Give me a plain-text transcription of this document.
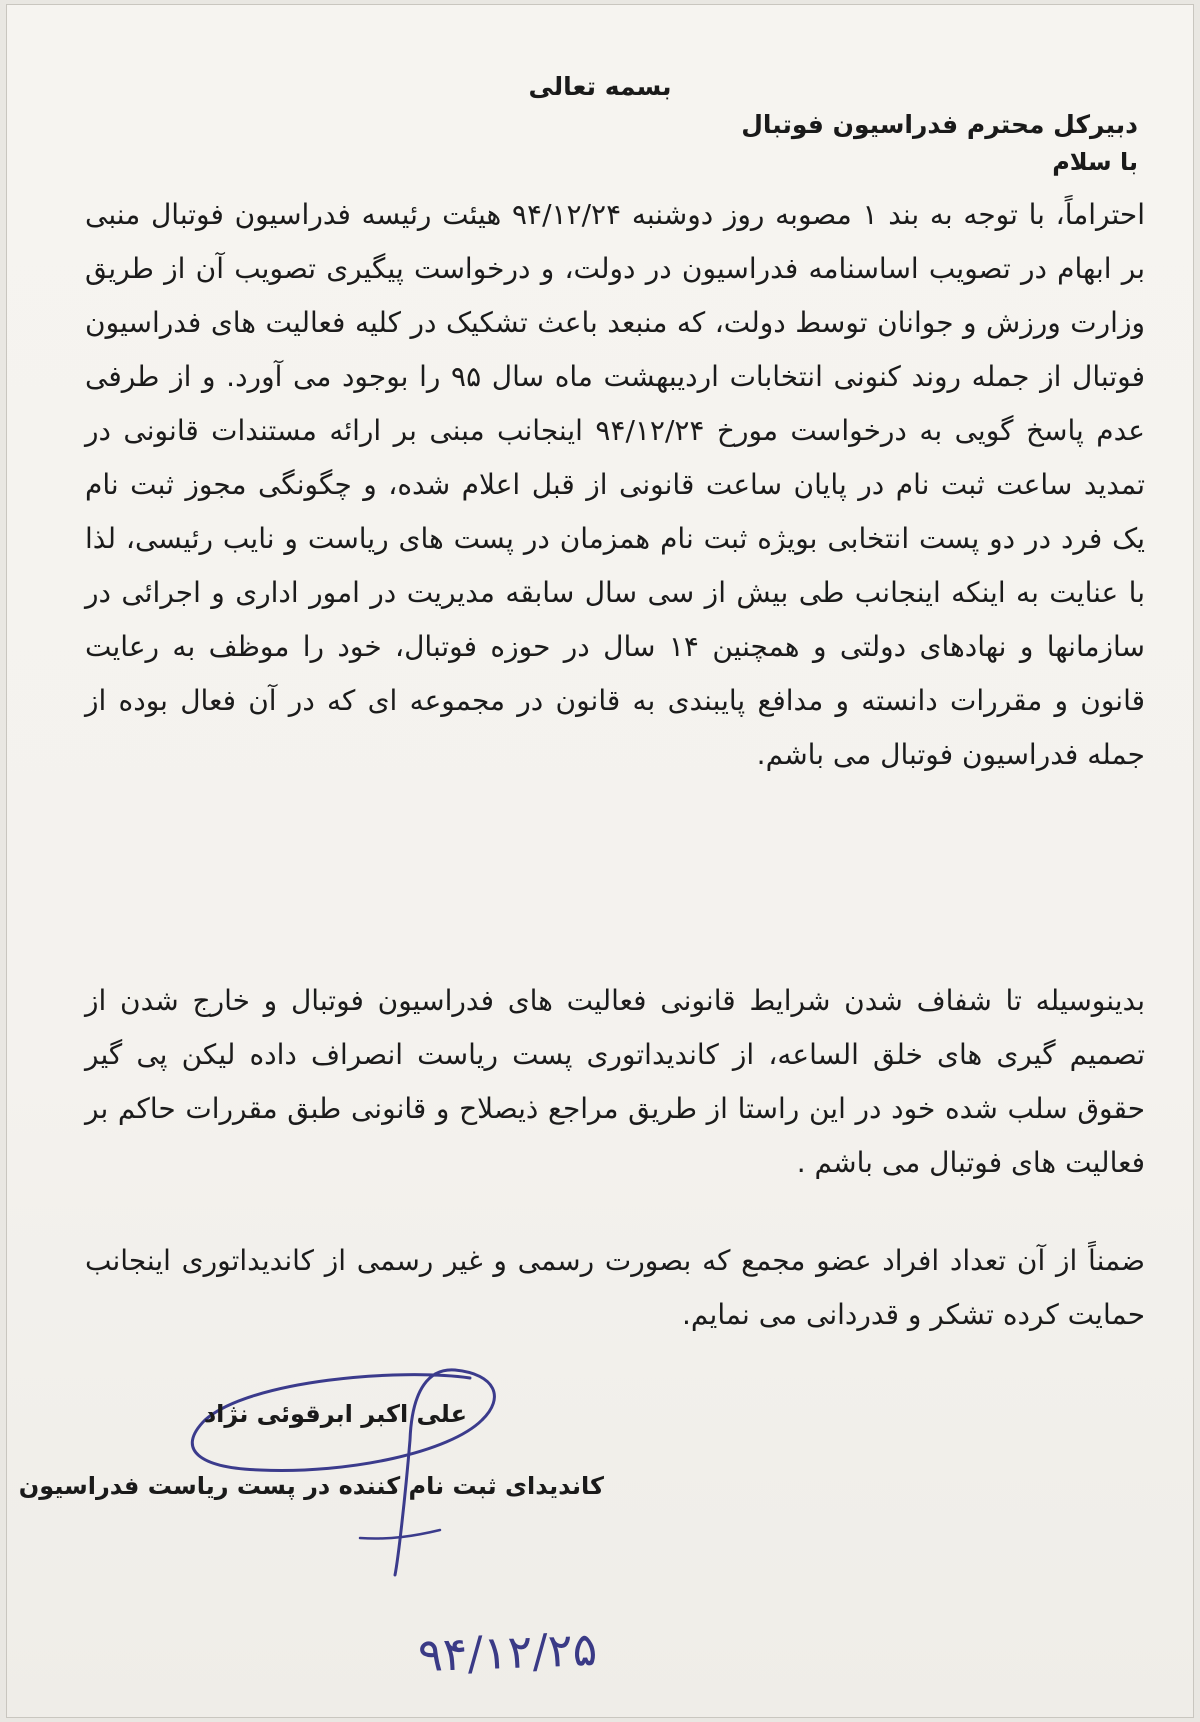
بسمه تعالی
دبیرکل محترم فدراسیون فوتبال
با سلام
احتراماً، با توجه به بند ۱ مصوبه روز دوشنبه ۹۴/۱۲/۲۴ هیئت رئیسه فدراسیون فوتبال منبی بر ابهام در تصویب اساسنامه فدراسیون در دولت، و درخواست پیگیری تصویب آن از طریق وزارت ورزش و جوانان توسط دولت، که منبعد باعث تشکیک در کلیه فعالیت های فدراسیون فوتبال از جمله روند کنونی انتخابات اردیبهشت ماه سال ۹۵ را بوجود می آورد. و از طرفی عدم پاسخ گویی به درخواست مورخ ۹۴/۱۲/۲۴ اینجانب مبنی بر ارائه مستندات قانونی در تمدید ساعت ثبت نام در پایان ساعت قانونی از قبل اعلام شده، و چگونگی مجوز ثبت نام یک فرد در دو پست انتخابی بویژه ثبت نام همزمان در پست های ریاست و نایب رئیسی، لذا با عنایت به اینکه اینجانب طی بیش از سی سال سابقه مدیریت در امور اداری و اجرائی در سازمانها و نهادهای دولتی و همچنین ۱۴ سال در حوزه فوتبال، خود را موظف به رعایت قانون و مقررات دانسته و مدافع پایبندی به قانون در مجموعه ای که در آن فعال بوده از جمله فدراسیون فوتبال می باشم.
بدینوسیله تا شفاف شدن شرایط قانونی فعالیت های فدراسیون فوتبال و خارج شدن از تصمیم گیری های خلق الساعه، از کاندیداتوری پست ریاست انصراف داده لیکن پی گیر حقوق سلب شده خود در این راستا از طریق مراجع ذیصلاح و قانونی طبق مقررات حاکم بر فعالیت های فوتبال می باشم .
ضمناً از آن تعداد افراد عضو مجمع که بصورت رسمی و غیر رسمی از کاندیداتوری اینجانب حمایت کرده تشکر و قدردانی می نمایم.
علی اکبر ابرقوئی نژاد
کاندیدای ثبت نام کننده در پست ریاست فدراسیون
۹۴/۱۲/۲۵
